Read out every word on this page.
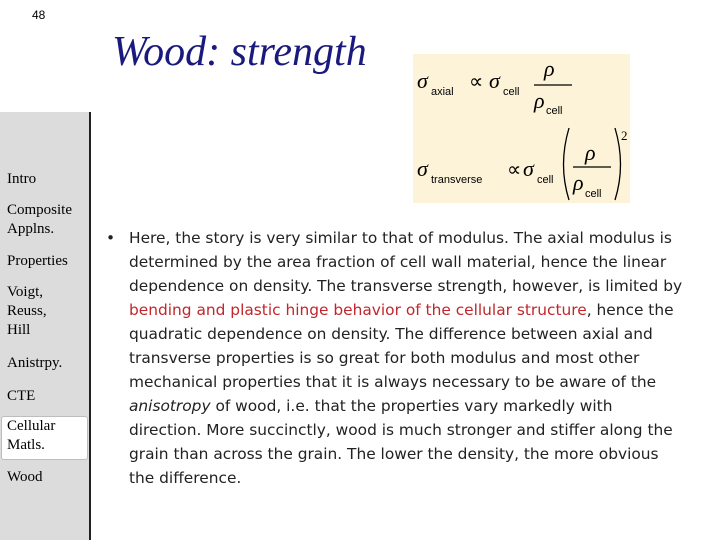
48
Wood: strength
Intro
Composite Applns.
Properties
Voigt, Reuss, Hill
Anistrpy.
CTE
Cellular Matls.
Wood
σ axial ∝ σ cell
ρ
ρ cell
σ transverse ∝ σ cell
ρ
ρ cell
2
• Here, the story is very similar to that of modulus. The axial modulus is determined by the area fraction of cell wall material, hence the linear dependence on density. The transverse strength, however, is limited by bending and plastic hinge behavior of the cellular structure, hence the quadratic dependence on density. The difference between axial and transverse properties is so great for both modulus and most other mechanical properties that it is always necessary to be aware of the anisotropy of wood, i.e. that the properties vary markedly with direction. More succinctly, wood is much stronger and stiffer along the grain than across the grain. The lower the density, the more obvious the difference.
